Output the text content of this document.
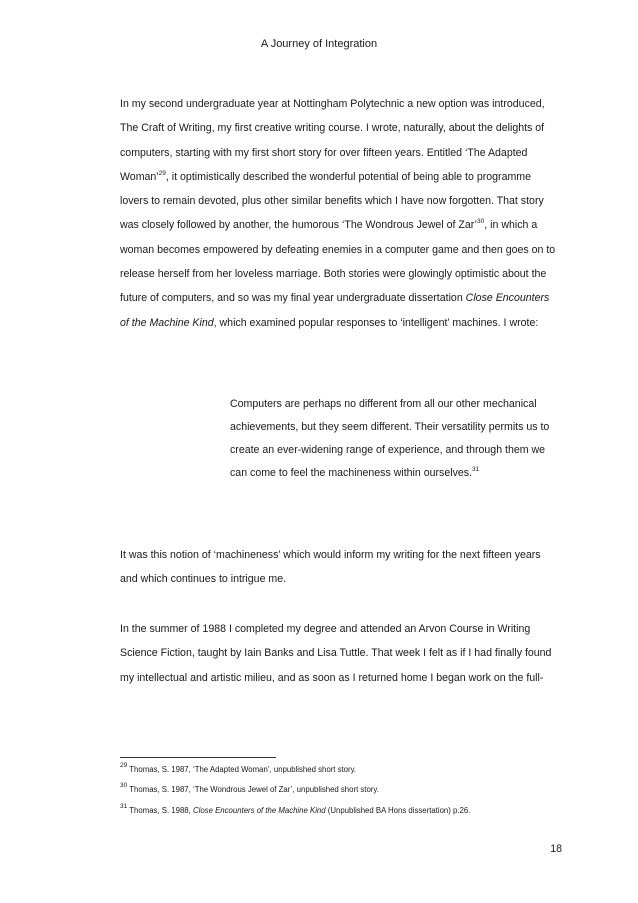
A Journey of Integration

In my second undergraduate year at Nottingham Polytechnic a new option was introduced, The Craft of Writing, my first creative writing course. I wrote, naturally, about the delights of computers, starting with my first short story for over fifteen years. Entitled ‘The Adapted Woman’$^{29}$, it optimistically described the wonderful potential of being able to programme lovers to remain devoted, plus other similar benefits which I have now forgotten. That story was closely followed by another, the humorous ‘The Wondrous Jewel of Zar’$^{30}$, in which a woman becomes empowered by defeating enemies in a computer game and then goes on to release herself from her loveless marriage. Both stories were glowingly optimistic about the future of computers, and so was my final year undergraduate dissertation Close Encounters of the Machine Kind, which examined popular responses to ‘intelligent’ machines. I wrote:

Computers are perhaps no different from all our other mechanical achievements, but they seem different. Their versatility permits us to create an ever-widening range of experience, and through them we can come to feel the machineness within ourselves.$^{31}$

It was this notion of ‘machineness’ which would inform my writing for the next fifteen years and which continues to intrigue me.

In the summer of 1988 I completed my degree and attended an Arvon Course in Writing Science Fiction, taught by Iain Banks and Lisa Tuttle. That week I felt as if I had finally found my intellectual and artistic milieu, and as soon as I returned home I began work on the full-

$^{29}$ Thomas, S. 1987, ‘The Adapted Woman’, unpublished short story.
$^{30}$ Thomas, S. 1987, ‘The Wondrous Jewel of Zar’, unpublished short story.
$^{31}$ Thomas, S. 1988, Close Encounters of the Machine Kind (Unpublished BA Hons dissertation) p.26.
18
